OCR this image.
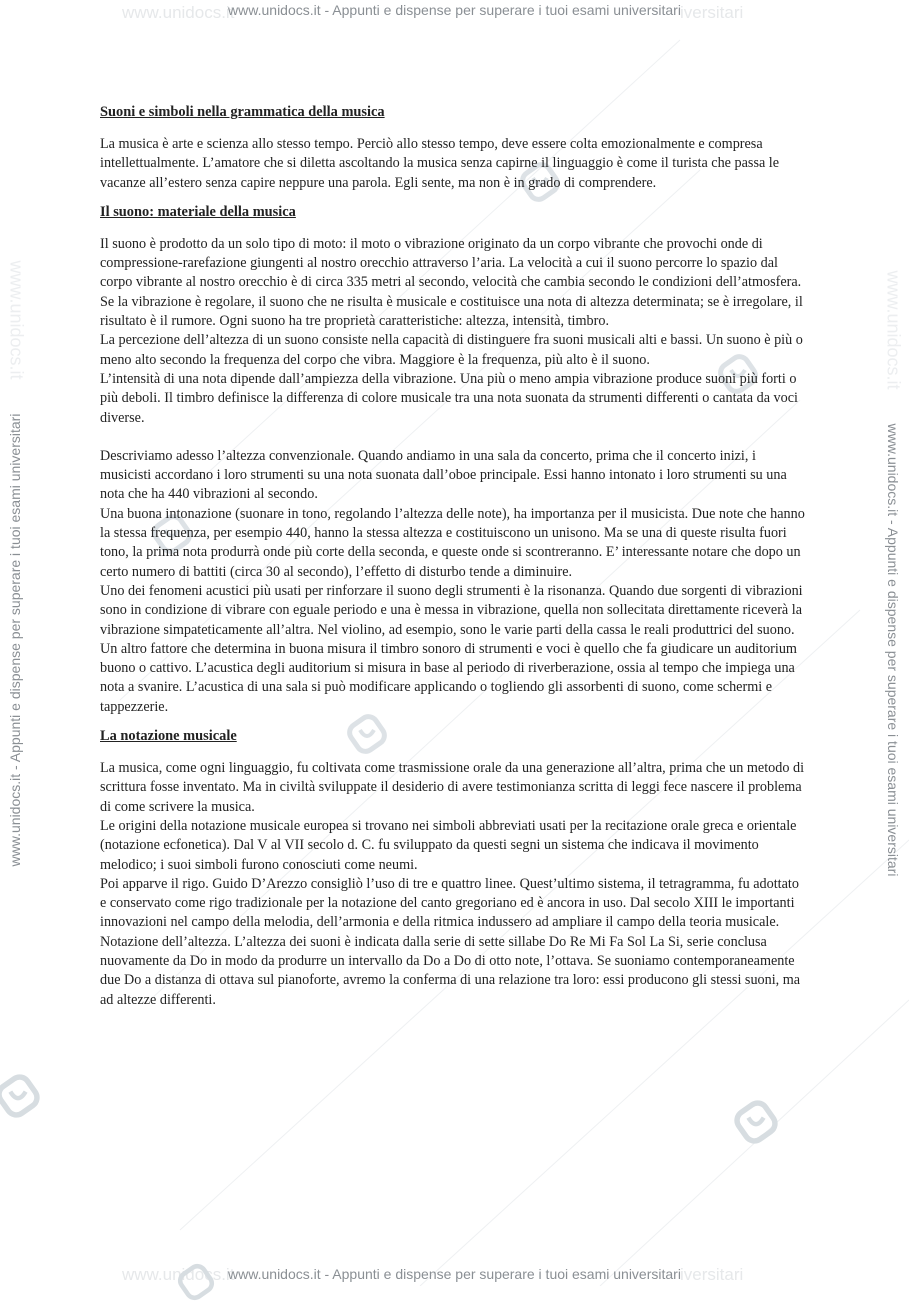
www.unidocs.it	iversitari
www.unidocs.it	iversitari
www.unidocs.it	www.unidocs.it
www.unidocs.it - Appunti e dispense per superare i tuoi esami universitari
www.unidocs.it - Appunti e dispense per superare i tuoi esami universitari
www.unidocs.it - Appunti e dispense per superare i tuoi esami universitari	www.unidocs.it - Appunti e dispense per superare i tuoi esami universitari
Suoni e simboli nella grammatica della musica

La musica è arte e scienza allo stesso tempo. Perciò allo stesso tempo, deve essere colta emozionalmente e compresa intellettualmente. L’amatore che si diletta ascoltando la musica senza capirne il linguaggio è come il turista che passa le vacanze all’estero senza capire neppure una parola. Egli sente, ma non è in grado di comprendere.

Il suono: materiale della musica

Il suono è prodotto da un solo tipo di moto: il moto o vibrazione originato da un corpo vibrante che provochi onde di compressione-rarefazione giungenti al nostro orecchio attraverso l’aria. La velocità a cui il suono percorre lo spazio dal corpo vibrante al nostro orecchio è di circa 335 metri al secondo, velocità che cambia secondo le condizioni dell’atmosfera.

Se la vibrazione è regolare, il suono che ne risulta è musicale e costituisce una nota di altezza determinata; se è irregolare, il risultato è il rumore. Ogni suono ha tre proprietà caratteristiche: altezza, intensità, timbro.

La percezione dell’altezza di un suono consiste nella capacità di distinguere fra suoni musicali alti e bassi. Un suono è più o meno alto secondo la frequenza del corpo che vibra. Maggiore è la frequenza, più alto è il suono.

L’intensità di una nota dipende dall’ampiezza della vibrazione. Una più o meno ampia vibrazione produce suoni più forti o più deboli. Il timbro definisce la differenza di colore musicale tra una nota suonata da strumenti differenti o cantata da voci diverse.

Descriviamo adesso l’altezza convenzionale. Quando andiamo in una sala da concerto, prima che il concerto inizi, i musicisti accordano i loro strumenti su una nota suonata dall’oboe principale. Essi hanno intonato i loro strumenti su una nota che ha 440 vibrazioni al secondo.

Una buona intonazione (suonare in tono, regolando l’altezza delle note), ha importanza per il musicista. Due note che hanno la stessa frequenza, per esempio 440, hanno la stessa altezza e costituiscono un unisono. Ma se una di queste risulta fuori tono, la prima nota produrrà onde più corte della seconda, e queste onde si scontreranno. E’ interessante notare che dopo un certo numero di battiti (circa 30 al secondo), l’effetto di disturbo tende a diminuire.

Uno dei fenomeni acustici più usati per rinforzare il suono degli strumenti è la risonanza. Quando due sorgenti di vibrazioni sono in condizione di vibrare con eguale periodo e una è messa in vibrazione, quella non sollecitata direttamente riceverà la vibrazione simpateticamente all’altra. Nel violino, ad esempio, sono le varie parti della cassa le reali produttrici del suono.

Un altro fattore che determina in buona misura il timbro sonoro di strumenti e voci è quello che fa giudicare un auditorium buono o cattivo. L’acustica degli auditorium si misura in base al periodo di riverberazione, ossia al tempo che impiega una nota a svanire. L’acustica di una sala si può modificare applicando o togliendo gli assorbenti di suono, come schermi e tappezzerie.

La notazione musicale

La musica, come ogni linguaggio, fu coltivata come trasmissione orale da una generazione all’altra, prima che un metodo di scrittura fosse inventato. Ma in civiltà sviluppate il desiderio di avere testimonianza scritta di leggi fece nascere il problema di come scrivere la musica.

Le origini della notazione musicale europea si trovano nei simboli abbreviati usati per la recitazione orale greca e orientale (notazione ecfonetica). Dal V al VII secolo d. C. fu sviluppato da questi segni un sistema che indicava il movimento melodico; i suoi simboli furono conosciuti come neumi.

Poi apparve il rigo. Guido D’Arezzo consigliò l’uso di tre e quattro linee. Quest’ultimo sistema, il tetragramma, fu adottato e conservato come rigo tradizionale per la notazione del canto gregoriano ed è ancora in uso. Dal secolo XIII le importanti innovazioni nel campo della melodia, dell’armonia e della ritmica indussero ad ampliare il campo della teoria musicale.

Notazione dell’altezza. L’altezza dei suoni è indicata dalla serie di sette sillabe Do Re Mi Fa Sol La Si, serie conclusa nuovamente da Do in modo da produrre un intervallo da Do a Do di otto note, l’ottava. Se suoniamo contemporaneamente due Do a distanza di ottava sul pianoforte, avremo la conferma di una relazione tra loro: essi producono gli stessi suoni, ma ad altezze differenti.
